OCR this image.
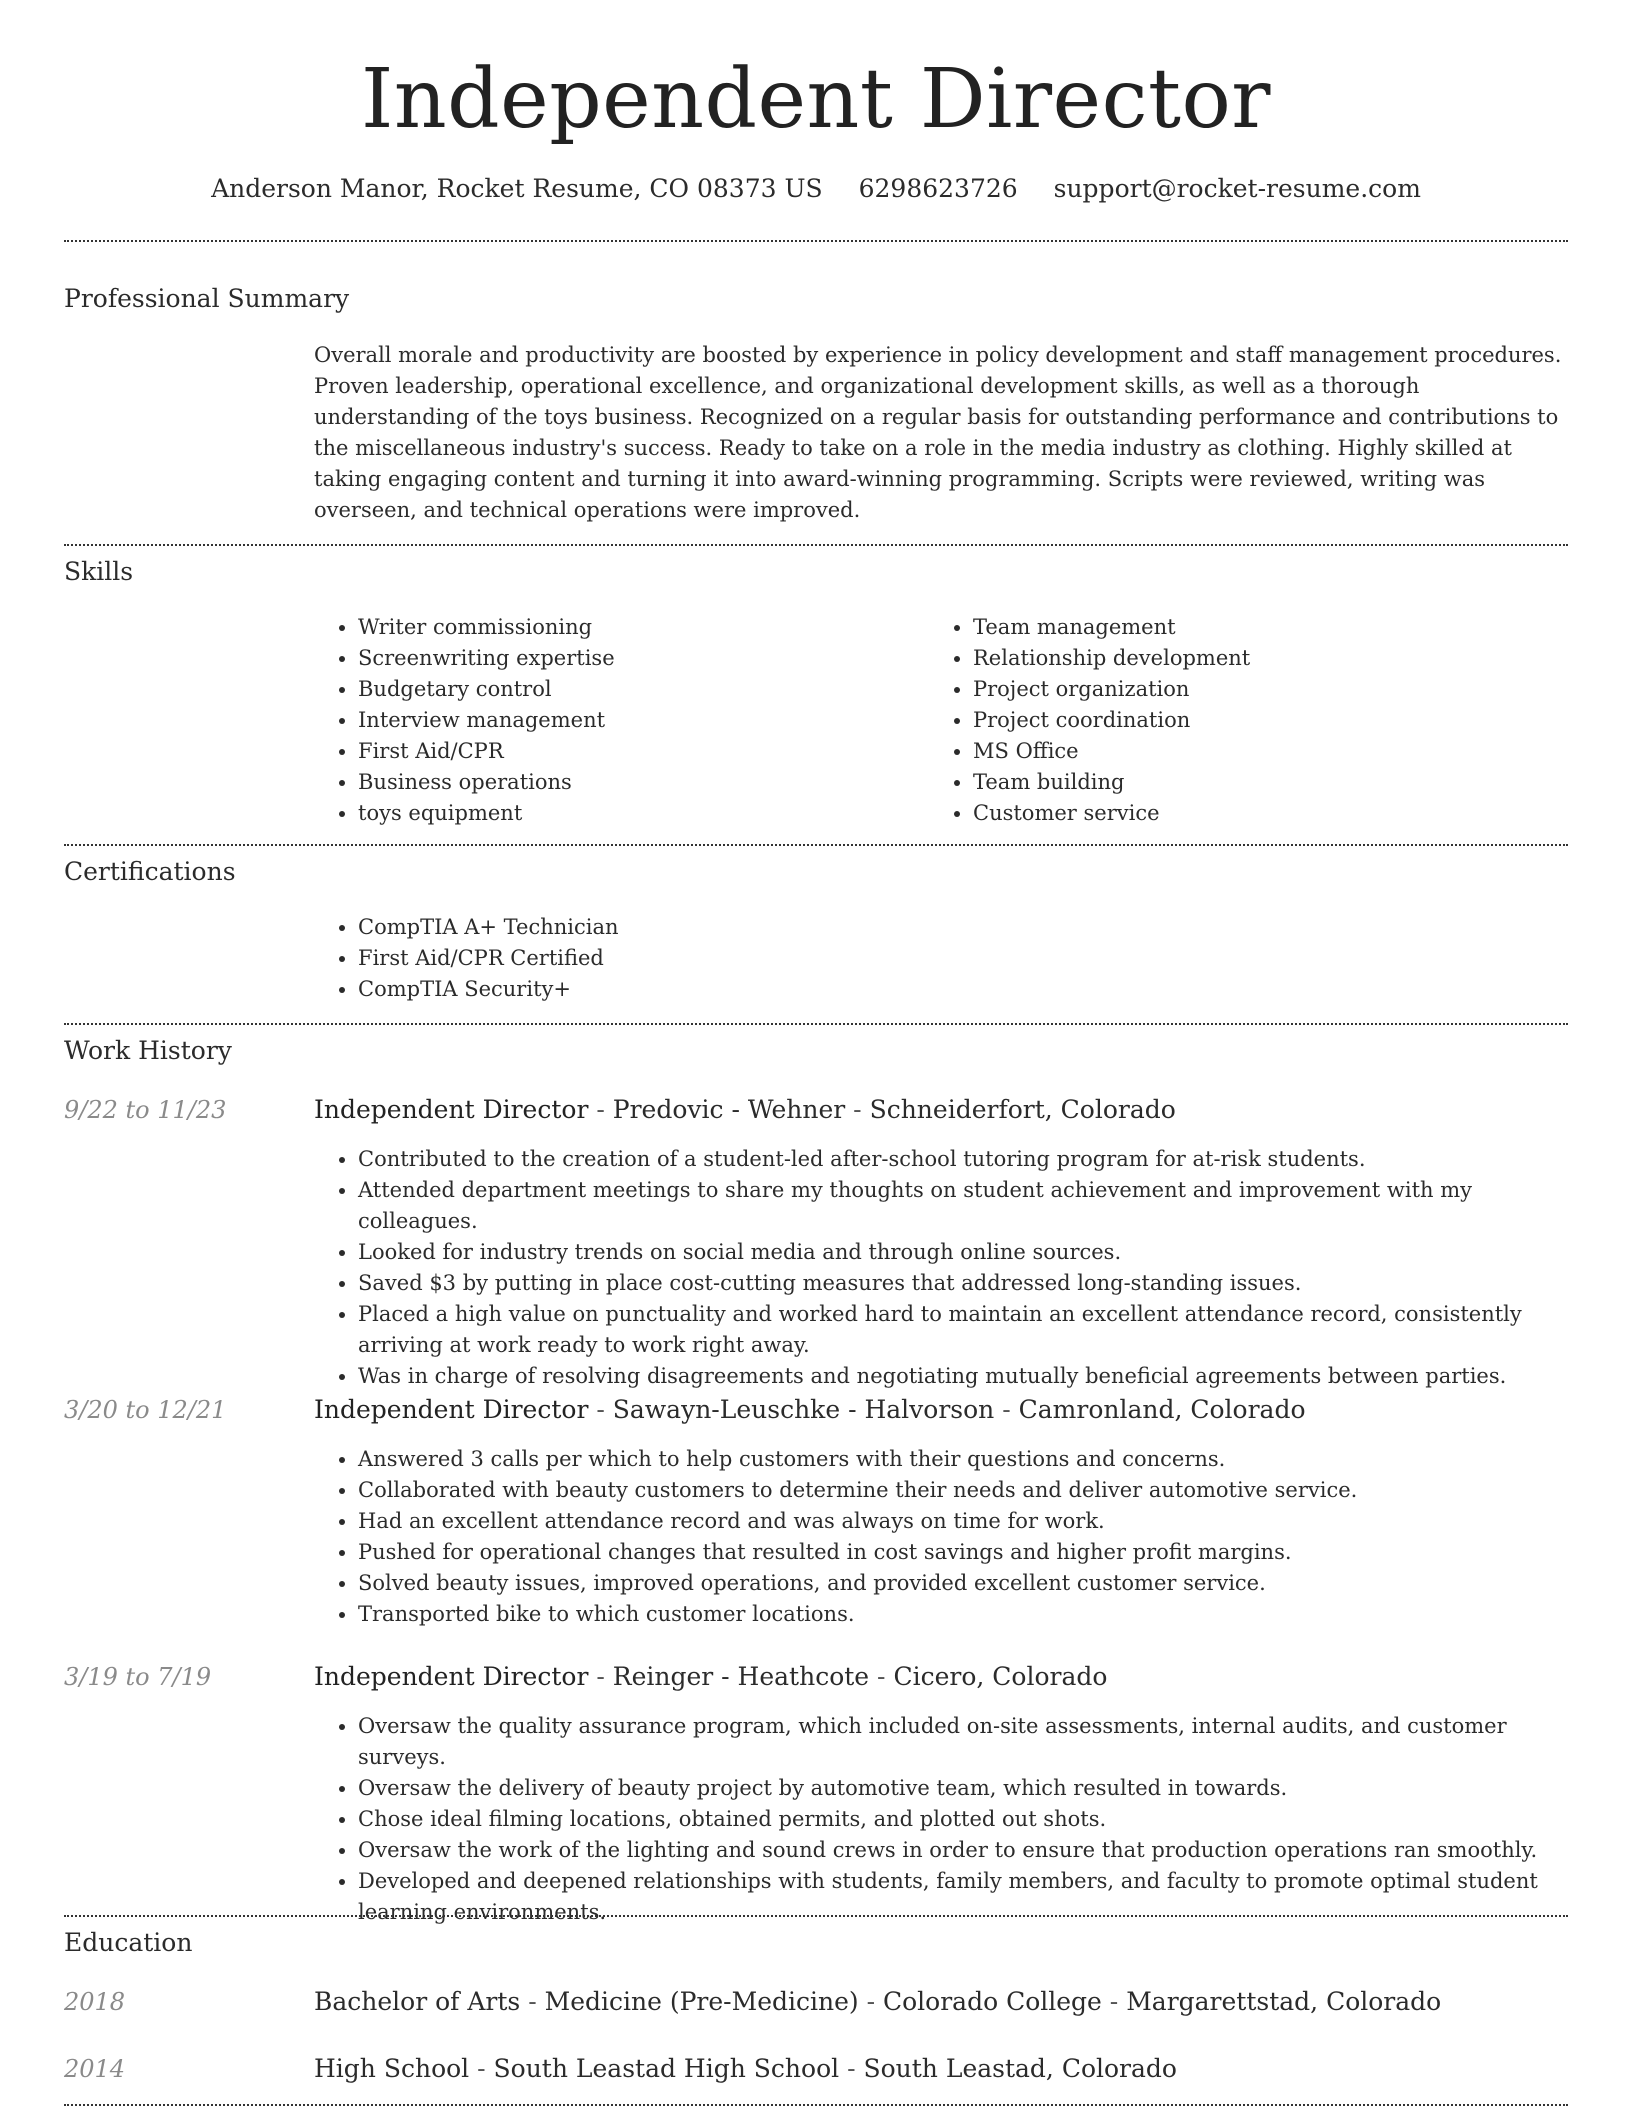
Independent Director
Anderson Manor, Rocket Resume, CO 08373 US 6298623726 support@rocket-resume.com
Professional Summary
Overall morale and productivity are boosted by experience in policy development and staff management procedures. Proven leadership, operational excellence, and organizational development skills, as well as a thorough understanding of the toys business. Recognized on a regular basis for outstanding performance and contributions to the miscellaneous industry's success. Ready to take on a role in the media industry as clothing. Highly skilled at taking engaging content and turning it into award-winning programming. Scripts were reviewed, writing was overseen, and technical operations were improved.
Skills
• Writer commissioning
• Screenwriting expertise
• Budgetary control
• Interview management
• First Aid/CPR
• Business operations
• toys equipment
• Team management
• Relationship development
• Project organization
• Project coordination
• MS Office
• Team building
• Customer service
Certifications
• CompTIA A+ Technician
• First Aid/CPR Certified
• CompTIA Security+
Work History
9/22 to 11/23	Independent Director - Predovic - Wehner - Schneiderfort, Colorado
• Contributed to the creation of a student-led after-school tutoring program for at-risk students.
• Attended department meetings to share my thoughts on student achievement and improvement with my colleagues.
• Looked for industry trends on social media and through online sources.
• Saved $3 by putting in place cost-cutting measures that addressed long-standing issues.
• Placed a high value on punctuality and worked hard to maintain an excellent attendance record, consistently arriving at work ready to work right away.
• Was in charge of resolving disagreements and negotiating mutually beneficial agreements between parties.
3/20 to 12/21	Independent Director - Sawayn-Leuschke - Halvorson - Camronland, Colorado
• Answered 3 calls per which to help customers with their questions and concerns.
• Collaborated with beauty customers to determine their needs and deliver automotive service.
• Had an excellent attendance record and was always on time for work.
• Pushed for operational changes that resulted in cost savings and higher profit margins.
• Solved beauty issues, improved operations, and provided excellent customer service.
• Transported bike to which customer locations.
3/19 to 7/19	Independent Director - Reinger - Heathcote - Cicero, Colorado
• Oversaw the quality assurance program, which included on-site assessments, internal audits, and customer surveys.
• Oversaw the delivery of beauty project by automotive team, which resulted in towards.
• Chose ideal filming locations, obtained permits, and plotted out shots.
• Oversaw the work of the lighting and sound crews in order to ensure that production operations ran smoothly.
• Developed and deepened relationships with students, family members, and faculty to promote optimal student learning environments.
Education
2018	Bachelor of Arts - Medicine (Pre-Medicine) - Colorado College - Margarettstad, Colorado
2014	High School - South Leastad High School - South Leastad, Colorado
